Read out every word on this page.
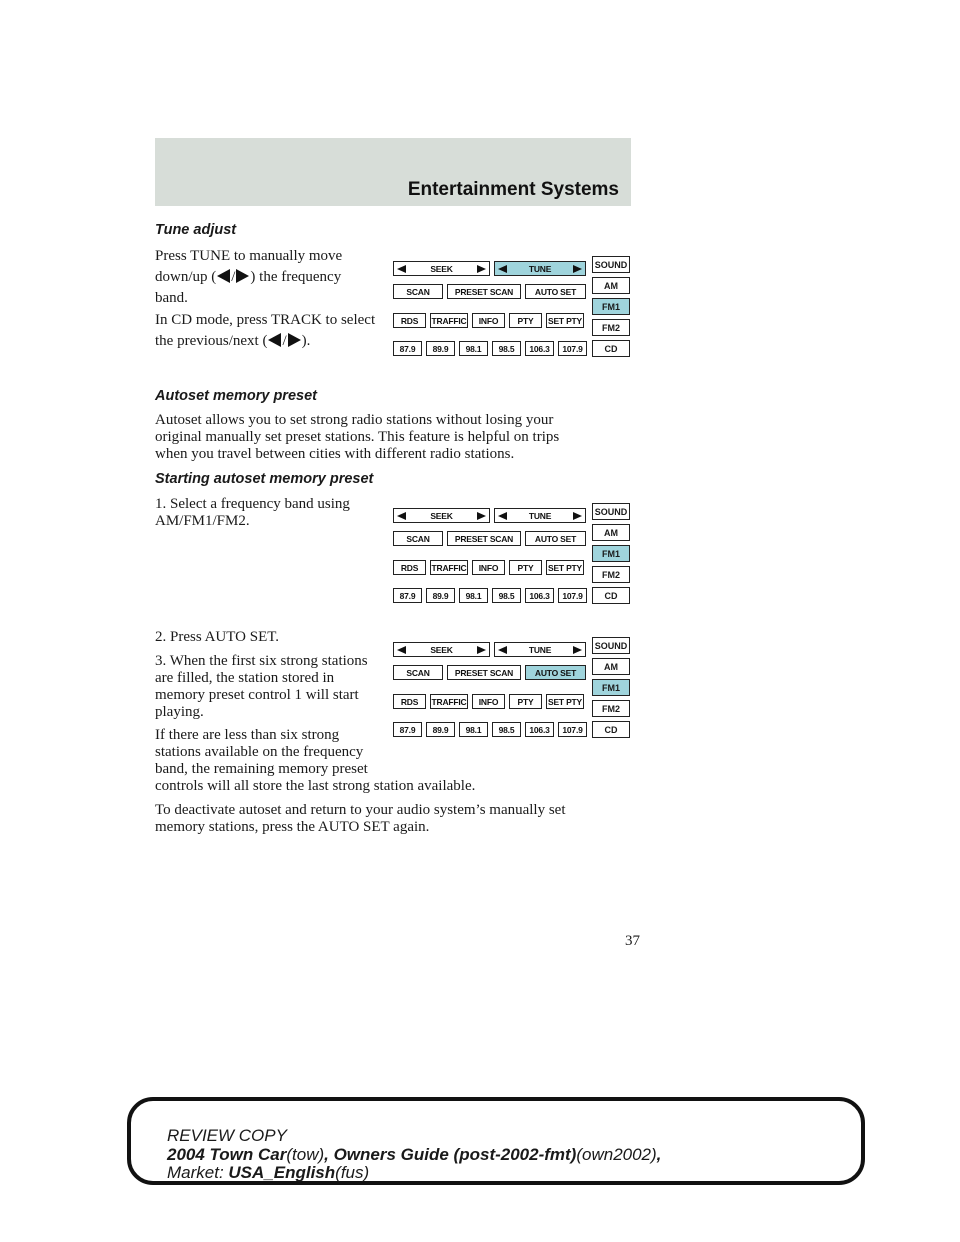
Entertainment Systems

Tune adjust

Press TUNE to manually move

down/up ( / ) the frequency

band.

In CD mode, press TRACK to select

the previous/next ( / ).

SEEK	TUNE
SCAN	PRESET SCAN	AUTO SET
RDS	TRAFFIC	INFO	PTY	SET PTY
87.9	89.9	98.1	98.5	106.3	107.9
SOUND
AM
FM1
FM2
CD

Autoset memory preset

Autoset allows you to set strong radio stations without losing your

original manually set preset stations. This feature is helpful on trips

when you travel between cities with different radio stations.

Starting autoset memory preset

1. Select a frequency band using

AM/FM1/FM2.	SEEK	TUNE
SCAN	PRESET SCAN	AUTO SET
RDS	TRAFFIC	INFO	PTY	SET PTY
87.9	89.9	98.1	98.5	106.3	107.9
SOUND
AM
FM1
FM2
CD

2. Press AUTO SET.

3. When the first six strong stations

are filled, the station stored in

memory preset control 1 will start

playing.

If there are less than six strong

stations available on the frequency

band, the remaining memory preset

controls will all store the last strong station available.

To deactivate autoset and return to your audio system’s manually set

memory stations, press the AUTO SET again.

SEEK	TUNE
SCAN	PRESET SCAN	AUTO SET
RDS	TRAFFIC	INFO	PTY	SET PTY
87.9	89.9	98.1	98.5	106.3	107.9
SOUND
AM
FM1
FM2
CD
37

REVIEW COPY

2004 Town Car(tow), Owners Guide (post-2002-fmt)(own2002),

Market: USA_English(fus)
